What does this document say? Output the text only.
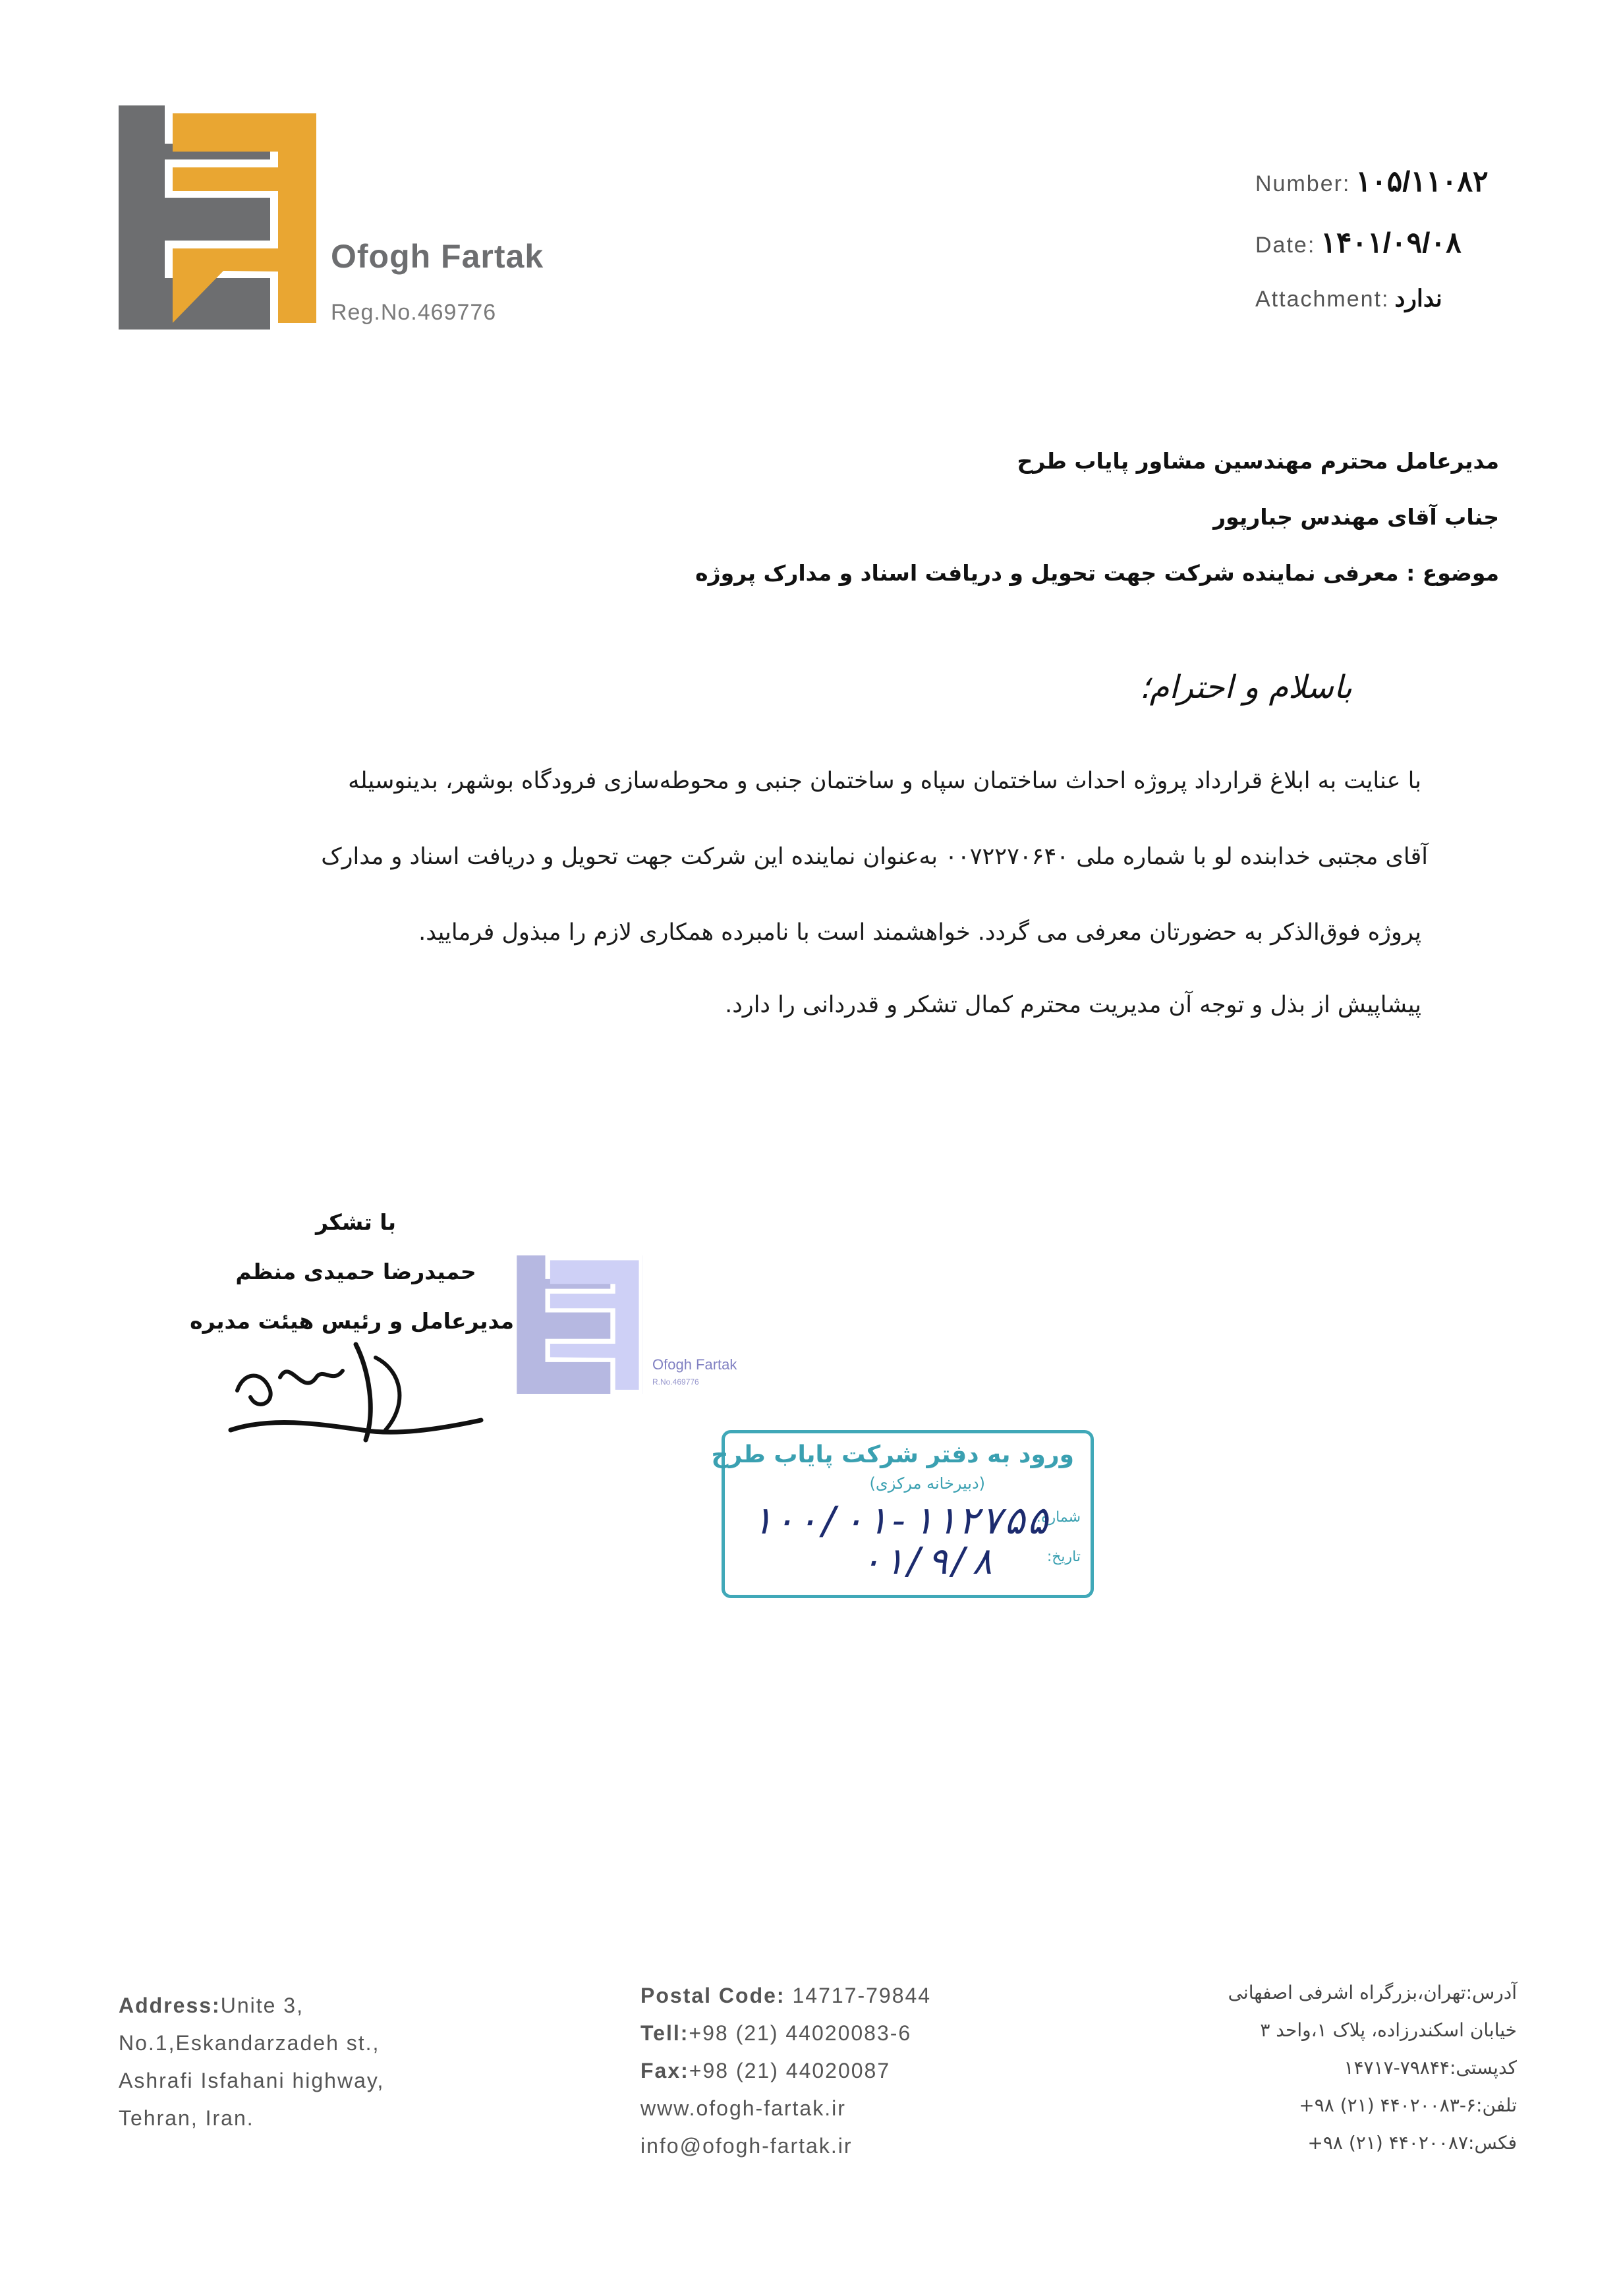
Ofogh Fartak
Reg.No.469776
Number: ۱۰۵/۱۱۰۸۲
Date: ۱۴۰۱/۰۹/۰۸
Attachment: ندارد
مدیرعامل محترم مهندسین مشاور پایاب طرح
جناب آقای مهندس جبارپور
موضوع : معرفی نماینده شرکت جهت تحویل و دریافت اسناد و مدارک پروژه
باسلام و احترام؛
با عنایت به ابلاغ قرارداد پروژه احداث ساختمان سپاه و ساختمان جنبی و محوطه‌سازی فرودگاه بوشهر، بدینوسیله
آقای مجتبی خدابنده لو با شماره ملی ۰۰۷۲۲۷۰۶۴۰ به‌عنوان نماینده این شرکت جهت تحویل و دریافت اسناد و مدارک
پروژه فوق‌الذکر به حضورتان معرفی می گردد. خواهشمند است با نامبرده همکاری لازم را مبذول فرمایید.
پیشاپیش از بذل و توجه آن مدیریت محترم کمال تشکر و قدردانی را دارد.
با تشکر
حمیدرضا حمیدی منظم
مدیرعامل و رئیس هیئت مدیره
Ofogh Fartak
R.No.469776
ورود به دفتر شرکت پایاب طرح
(دبیرخانه مرکزی)
شماره:
تاریخ:
۱۰۰/۰۱-۱۱۲۷۵۵
۰۱/۹/۸
Address:Unite 3,
No.1,Eskandarzadeh st.,
Ashrafi Isfahani highway,
Tehran, Iran.
Postal Code: 14717-79844
Tell:+98 (21) 44020083-6
Fax:+98 (21) 44020087
www.ofogh-fartak.ir
info@ofogh-fartak.ir
آدرس:تهران،بزرگراه اشرفی اصفهانی
خیابان اسکندرزاده، پلاک ۱،واحد ۳
کدپستی:۷۹۸۴۴-۱۴۷۱۷
تلفن:۶-۴۴۰۲۰۰۸۳ (۲۱) ۹۸+
فکس:۴۴۰۲۰۰۸۷ (۲۱) ۹۸+
